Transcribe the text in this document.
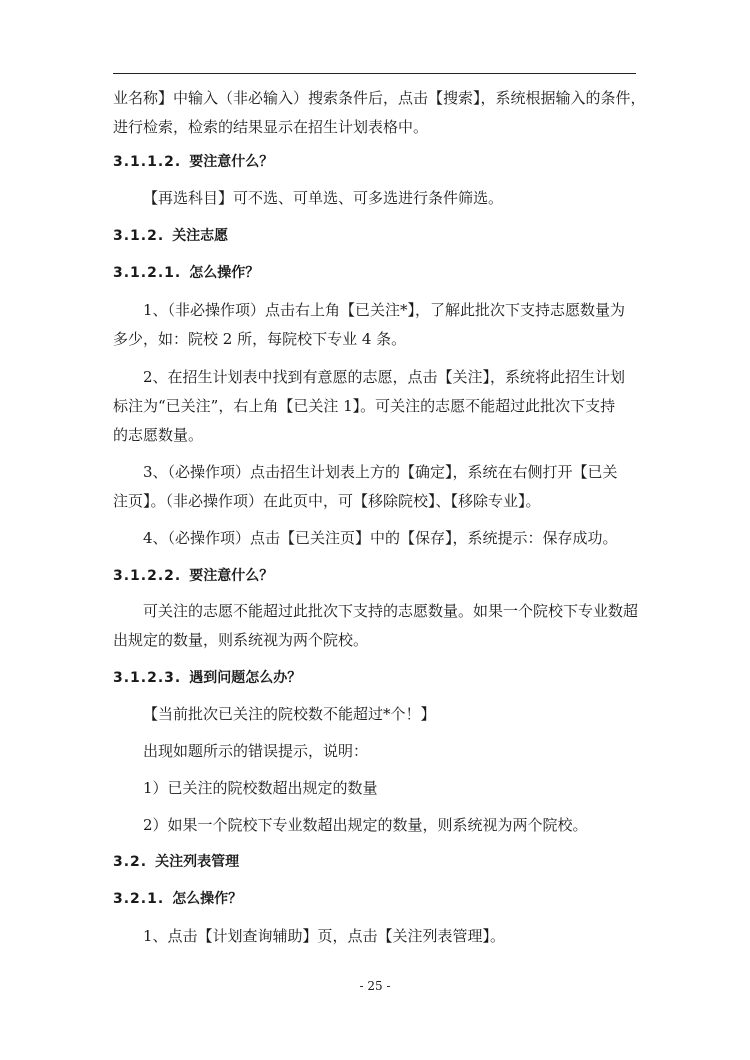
业名称】中输入（非必输入）搜索条件后，点击【搜索】，系统根据输入的条件，
进行检索，检索的结果显示在招生计划表格中。
3.1.1.2. 要注意什么？
【再选科目】可不选、可单选、可多选进行条件筛选。
3.1.2. 关注志愿
3.1.2.1. 怎么操作？
1、（非必操作项）点击右上角【已关注*】，了解此批次下支持志愿数量为
多少，如：院校 2 所，每院校下专业 4 条。
2、在招生计划表中找到有意愿的志愿，点击【关注】，系统将此招生计划
标注为“已关注”，右上角【已关注 1】。可关注的志愿不能超过此批次下支持
的志愿数量。
3、（必操作项）点击招生计划表上方的【确定】，系统在右侧打开【已关
注页】。（非必操作项）在此页中，可【移除院校】、【移除专业】。
4、（必操作项）点击【已关注页】中的【保存】，系统提示：保存成功。
3.1.2.2. 要注意什么？
可关注的志愿不能超过此批次下支持的志愿数量。如果一个院校下专业数超
出规定的数量，则系统视为两个院校。
3.1.2.3. 遇到问题怎么办？
【当前批次已关注的院校数不能超过*个！】
出现如题所示的错误提示，说明：
1）已关注的院校数超出规定的数量
2）如果一个院校下专业数超出规定的数量，则系统视为两个院校。
3.2. 关注列表管理
3.2.1. 怎么操作？
1、点击【计划查询辅助】页，点击【关注列表管理】。
- 25 -
